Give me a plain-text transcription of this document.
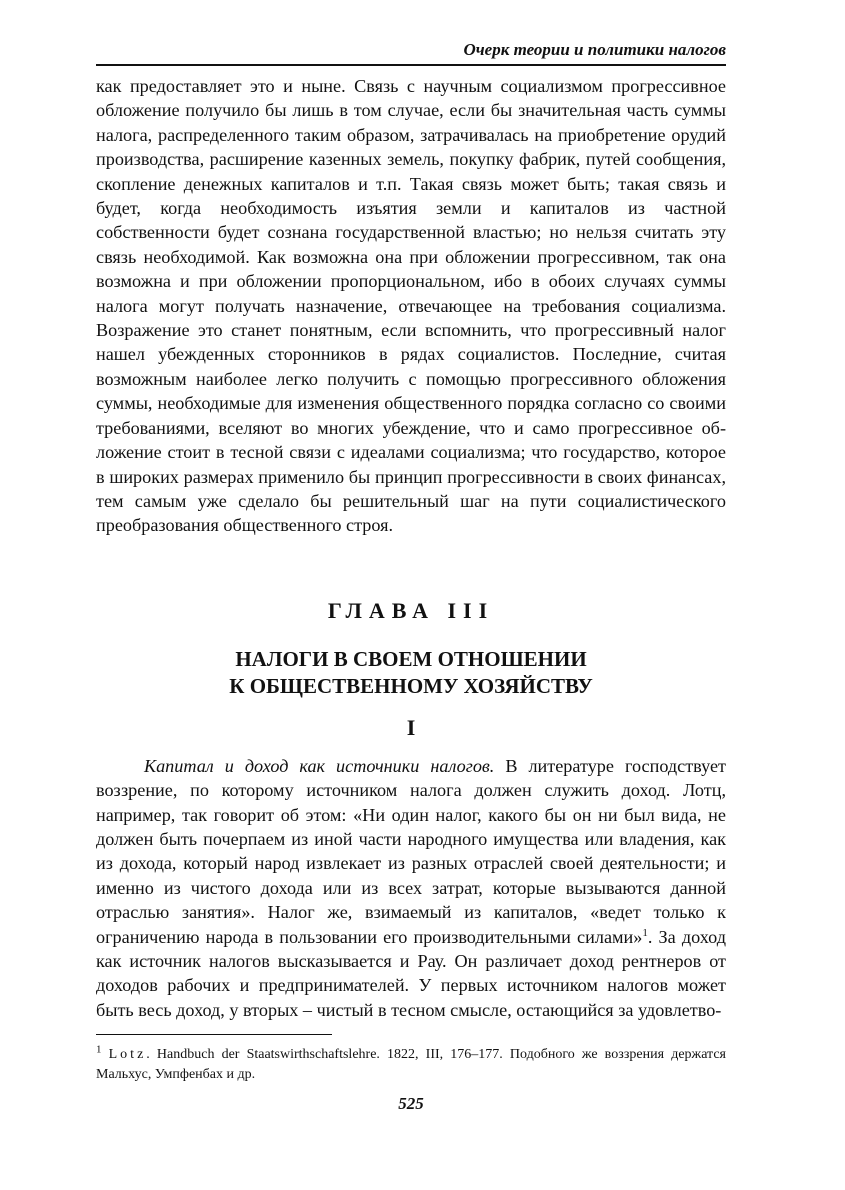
Очерк теории и политики налогов

как предоставляет это и ныне. Связь с научным социализмом прогрессивное обложение получило бы лишь в том случае, если бы значительная часть суммы налога, распределенного таким образом, затрачивалась на приобретение орудий производства, расширение казенных земель, покупку фабрик, путей сообщения, скопление денежных капиталов и т.п. Такая связь может быть; такая связь и будет, когда необходимость изъятия земли и капиталов из частной собственности будет сознана государственной властью; но нельзя считать эту связь необходимой. Как возможна она при обложении прогрессивном, так она возможна и при обложении пропорциональном, ибо в обоих случаях суммы налога могут получать назначение, отвечающее на требования социализма. Возражение это станет понятным, если вспомнить, что прогрессивный налог нашел убежденных сторонников в рядах социалистов. Последние, считая возможным наиболее легко получить с помощью прогрессивного обложения суммы, необходимые для изменения общественного порядка согласно со своими требованиями, вселяют во многих убеждение, что и само прогрессивное обложение стоит в тесной связи с идеалами социализма; что государство, которое в широких размерах применило бы принцип прогрессивности в своих финансах, тем самым уже сделало бы решительный шаг на пути социалистического преобразования общественного строя.

ГЛАВА III
НАЛОГИ В СВОЕМ ОТНОШЕНИИ
К ОБЩЕСТВЕННОМУ ХОЗЯЙСТВУ
I

Капитал и доход как источники налогов. В литературе господствует воззрение, по которому источником налога должен служить доход. Лотц, например, так говорит об этом: «Ни один налог, какого бы он ни был вида, не должен быть почерпаем из иной части народного имущества или владения, как из дохода, который народ извлекает из разных отраслей своей деятельности; и именно из чистого дохода или из всех затрат, которые вызываются данной отраслью занятия». Налог же, взимаемый из капиталов, «ведет только к ограничению народа в пользовании его производительными силами»$^1$. За доход как источник налогов высказывается и Рау. Он различает доход рентнеров от доходов рабочих и предпринимателей. У первых источником налогов может быть весь доход, у вторых – чистый в тесном смысле, остающийся за удовлетво-

$^1$ Lotz. Handbuch der Staatswirthschaftslehre. 1822, III, 176–177. Подобного же воззрения держатся Мальхус, Умпфенбах и др.
525
